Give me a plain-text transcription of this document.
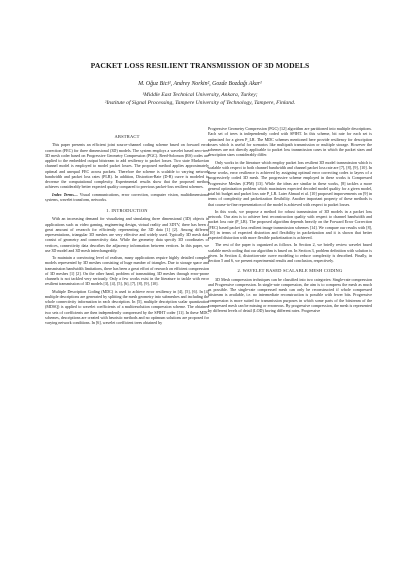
PACKET LOSS RESILIENT TRANSMISSION OF 3D MODELS
M. Oğuz Bici¹, Andrey Norkin², Gozde Bozdağı Akar¹
¹Middle East Technical University, Ankara, Turkey;
²Institute of Signal Processing, Tampere University of Technology, Tampere, Finland.
ABSTRACT

This paper presents an efficient joint source-channel coding scheme based on forward error correction (FEC) for three dimensional (3D) models. The system employs a wavelet based zero-tree 3D mesh coder based on Progressive Geometry Compression (PGC). Reed-Solomon (RS) codes are applied to the embedded output bitstream to add resiliency to packet losses. Two state Markovian channel model is employed to model packet losses. The proposed method applies approximately optimal and unequal FEC across packets. Therefore the scheme is scalable to varying network bandwidth and packet loss rates (PLR). In addition, Distortion-Rate (D-R) curve is modeled to decrease the computational complexity. Experimental results show that the proposed method achieves considerably better expected quality compared to previous packet-loss resilient schemes.

Index Terms— Visual communications, error correction, computer vision, multidimensional systems, wavelet transform, networks.

1. INTRODUCTION

With an increasing demand for visualizing and simulating three dimensional (3D) objects in applications such as video gaming, engineering design, virtual reality and 3DTV, there has been a great amount of research for efficiently representing the 3D data [1] [2]. Among different representations, triangular 3D meshes are very effective and widely used. Typically 3D mesh data consist of geometry and connectivity data. While the geometry data specify 3D coordinates of vertices, connectivity data describes the adjacency information between vertices. In this paper, we use 3D model and 3D mesh interchangeably.

To maintain a convincing level of realism, many applications require highly detailed complex models represented by 3D meshes consisting of huge number of triangles. Due to storage space and transmission bandwidth limitations, there has been a great effort of research on efficient compression of 3D meshes [1] [2]. On the other hand, problem of transmitting 3D meshes through error-prone channels is not tackled very seriously. Only a few works exist in the literature to tackle with error resilient transmission of 3D models [3], [4], [5], [6], [7], [8], [9], [10].

Multiple Description Coding (MDC) is used to achieve error resiliency in [4], [5], [6]. In [4] multiple descriptions are generated by splitting the mesh geometry into submeshes and including the whole connectivity information in each description. In [5], multiple description scalar quantization (MDSQ) is applied to wavelet coefficients of a multiresolution compression scheme. The obtained two sets of coefficients are then independently compressed by the SPIHT coder [11]. In these MDC schemes, descriptions are created with heuristic methods and no optimum solutions are proposed for varying network conditions. In [6], wavelet coefficient trees obtained by

Progressive Geometry Compression (PGC) [12] algorithm are partitioned into multiple descriptions. Each set of trees is independently coded with SPIHT. In this scheme, bit rate for each set is optimized for a given P_LR. The MDC schemes mentioned here provide resiliency for description losses which is useful for scenarios like multipath transmission or multiple storage. However the schemes are not directly applicable to packet loss transmission cases in which the packet sizes and description sizes considerably differ.

Only works in the literature which employ packet loss resilient 3D model transmission which is scalable with respect to both channel bandwidth and channel packet loss rate are [7], [8], [9], [10]. In these works, error resilience is achieved by assigning optimal error correcting codes to layers of a progressively coded 3D mesh. The progressive scheme employed in these works is Compressed Progressive Meshes (CPM) [13]. While the ideas are similar in these works, [8] tackles a more general optimization problem which maximizes expected decoded model quality for a given model, total bit budget and packet loss rate P_LR. Later Ahmad et al. [10] proposed improvements on [9] in terms of complexity and packetization flexibility. Another important property of these methods is that coarse-to-fine representation of the model is achieved with respect to packet losses.

In this work, we propose a method for robust transmission of 3D models in a packet loss network. Our aim is to achieve best reconstruction quality with respect to channel bandwidth and packet loss rate (P_LR). The proposed algorithm depends heavily on the Forward Error Correction (FEC) based packet loss resilient image transmission schemes [14]. We compare our results with [8], [10] in terms of expected distortion and flexibility in packetization and it is shown that better expected distortion with more flexible packetization is achieved.

The rest of the paper is organized as follows. In Section 2, we briefly review wavelet based scalable mesh coding that our algorithm is based on. In Section 3, problem definition with solution is given. In Section 4, distortion-rate curve modeling to reduce complexity is described. Finally, in Section 5 and 6, we present experimental results and conclusion, respectively.

2. WAVELET BASED SCALABLE MESH CODING

3D Mesh compression techniques can be classified into two categories: Single-rate compression and Progressive compression. In single-rate compression, the aim is to compress the mesh as much as possible. The single-rate compressed mesh can only be reconstructed if whole compressed bitstream is available, i.e. no intermediate reconstruction is possible with fewer bits. Progressive compression is more suited for transmission purposes in which some parts of the bitstream of the compressed mesh can be missing or erroneous. By progressive compression, the mesh is represented by different levels of detail (LOD) having different rates. Progressive
